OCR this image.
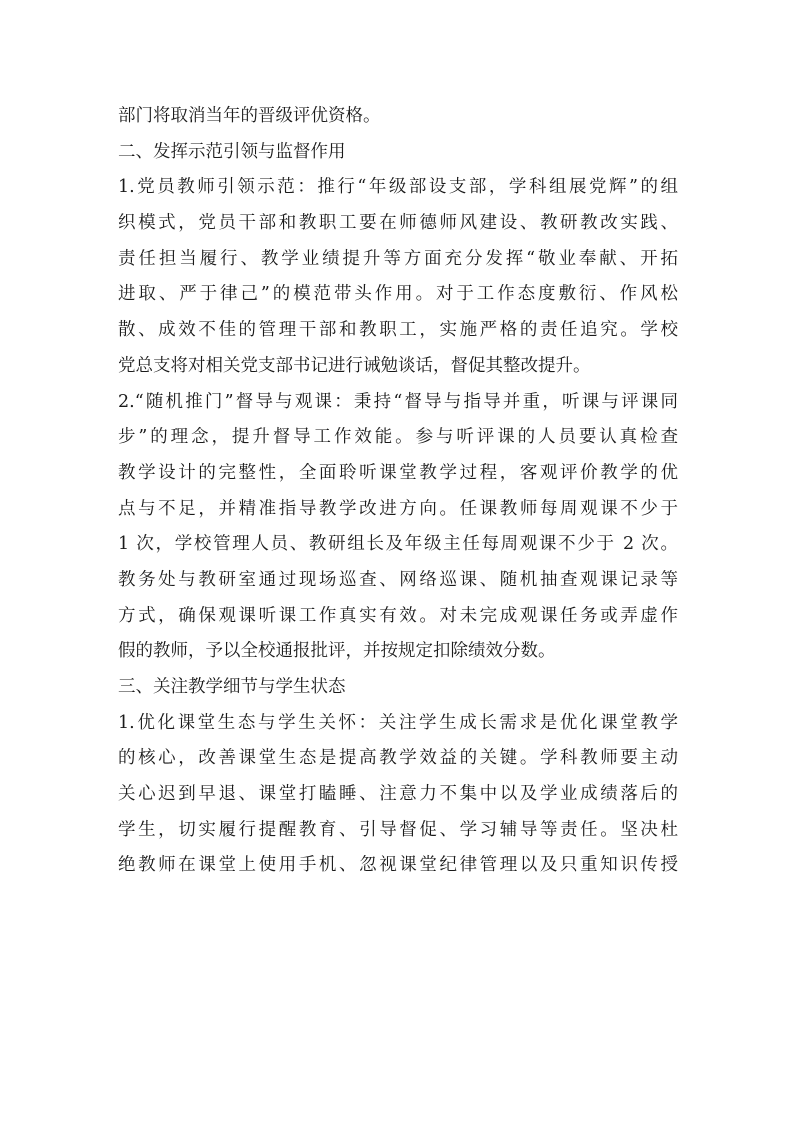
部门将取消当年的晋级评优资格。
二、发挥示范引领与监督作用
1.党员教师引领示范：推行“年级部设支部，学科组展党辉”的组
织模式，党员干部和教职工要在师德师风建设、教研教改实践、
责任担当履行、教学业绩提升等方面充分发挥“敬业奉献、开拓
进取、严于律己”的模范带头作用。对于工作态度敷衍、作风松
散、成效不佳的管理干部和教职工，实施严格的责任追究。学校
党总支将对相关党支部书记进行诫勉谈话，督促其整改提升。
2.“随机推门”督导与观课：秉持“督导与指导并重，听课与评课同
步”的理念，提升督导工作效能。参与听评课的人员要认真检查
教学设计的完整性，全面聆听课堂教学过程，客观评价教学的优
点与不足，并精准指导教学改进方向。任课教师每周观课不少于
1 次，学校管理人员、教研组长及年级主任每周观课不少于 2 次。
教务处与教研室通过现场巡查、网络巡课、随机抽查观课记录等
方式，确保观课听课工作真实有效。对未完成观课任务或弄虚作
假的教师，予以全校通报批评，并按规定扣除绩效分数。
三、关注教学细节与学生状态
1.优化课堂生态与学生关怀：关注学生成长需求是优化课堂教学
的核心，改善课堂生态是提高教学效益的关键。学科教师要主动
关心迟到早退、课堂打瞌睡、注意力不集中以及学业成绩落后的
学生，切实履行提醒教育、引导督促、学习辅导等责任。坚决杜
绝教师在课堂上使用手机、忽视课堂纪律管理以及只重知识传授
